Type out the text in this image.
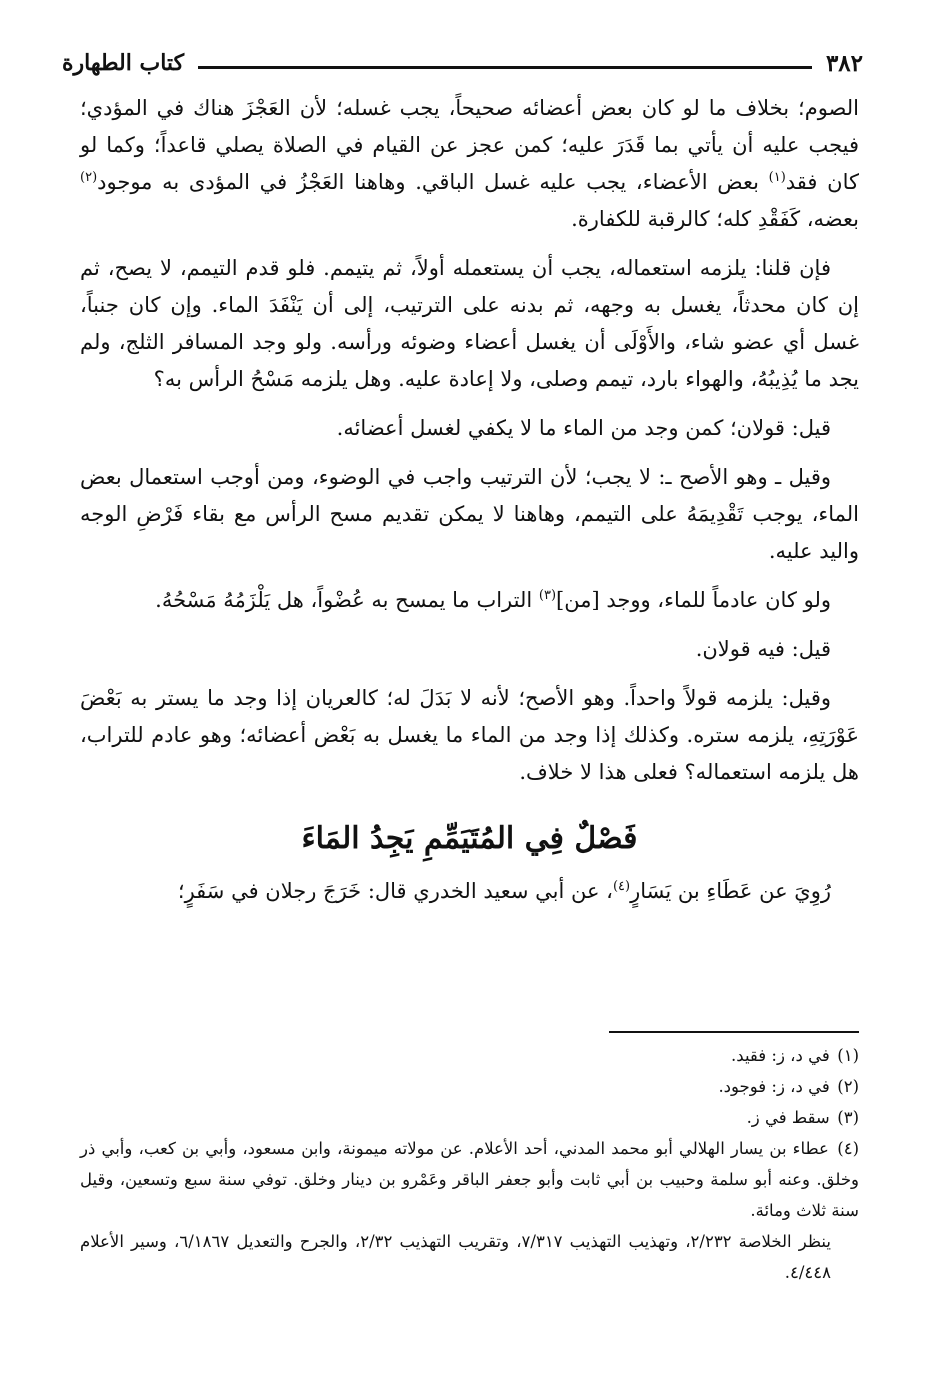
٣٨٢
كتاب الطهارة

الصوم؛ بخلاف ما لو كان بعض أعضائه صحيحاً، يجب غسله؛ لأن العَجْزَ هناك في المؤدي؛ فيجب عليه أن يأتي بما قَدَرَ عليه؛ كمن عجز عن القيام في الصلاة يصلي قاعداً؛ وكما لو كان فقد$^{(١)}$ بعض الأعضاء، يجب عليه غسل الباقي. وهاهنا العَجْزُ في المؤدى به موجود$^{(٢)}$ بعضه، كَفَقْدِ كله؛ كالرقبة للكفارة.

فإن قلنا: يلزمه استعماله، يجب أن يستعمله أولاً، ثم يتيمم. فلو قدم التيمم، لا يصح، ثم إن كان محدثاً، يغسل به وجهه، ثم بدنه على الترتيب، إلى أن يَنْفَدَ الماء. وإن كان جنباً، غسل أي عضو شاء، والأَوْلَى أن يغسل أعضاء وضوئه ورأسه. ولو وجد المسافر الثلج، ولم يجد ما يُذِيبُهُ، والهواء بارد، تيمم وصلى، ولا إعادة عليه. وهل يلزمه مَسْحُ الرأس به؟

قيل: قولان؛ كمن وجد من الماء ما لا يكفي لغسل أعضائه.

وقيل ـ وهو الأصح ـ: لا يجب؛ لأن الترتيب واجب في الوضوء، ومن أوجب استعمال بعض الماء، يوجب تَقْدِيمَهُ على التيمم، وهاهنا لا يمكن تقديم مسح الرأس مع بقاء فَرْضِ الوجه واليد عليه.

ولو كان عادماً للماء، ووجد [من]$^{(٣)}$ التراب ما يمسح به عُضْواً، هل يَلْزَمُهُ مَسْحُهُ.

قيل: فيه قولان.

وقيل: يلزمه قولاً واحداً. وهو الأصح؛ لأنه لا بَدَلَ له؛ كالعريان إذا وجد ما يستر به بَعْضَ عَوْرَتِهِ، يلزمه ستره. وكذلك إذا وجد من الماء ما يغسل به بَعْض أعضائه؛ وهو عادم للتراب، هل يلزمه استعماله؟ فعلى هذا لا خلاف.

فَصْلٌ فِي المُتَيَمِّمِ يَجِدُ المَاءَ

رُوِيَ عن عَطَاءِ بن يَسَارٍ$^{(٤)}$، عن أبي سعيد الخدري قال: خَرَجَ رجلان في سَفَرٍ؛

(١) في د، ز: فقيد.

(٢) في د، ز: فوجود.

(٣) سقط في ز.

(٤) عطاء بن يسار الهلالي أبو محمد المدني، أحد الأعلام. عن مولاته ميمونة، وابن مسعود، وأبي بن كعب، وأبي ذر وخلق. وعنه أبو سلمة وحبيب بن أبي ثابت وأبو جعفر الباقر وعَمْرو بن دينار وخلق. توفي سنة سبع وتسعين، وقيل سنة ثلاث ومائة.

ينظر الخلاصة ٢/٢٣٢، وتهذيب التهذيب ٧/٣١٧، وتقريب التهذيب ٢/٣٢، والجرح والتعديل ٦/١٨٦٧، وسير الأعلام ٤/٤٤٨.
